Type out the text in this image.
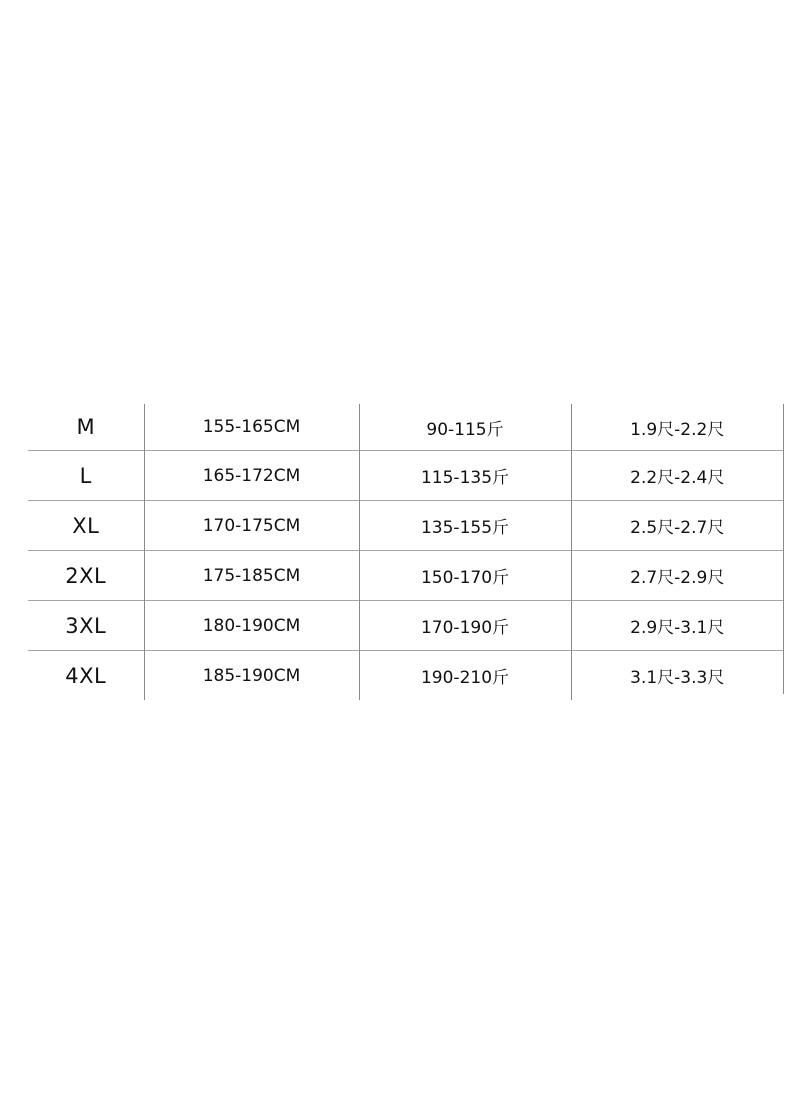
M	155-165CM	90-115斤	1.9尺-2.2尺
L	165-172CM	115-135斤	2.2尺-2.4尺
XL	170-175CM	135-155斤	2.5尺-2.7尺
2XL	175-185CM	150-170斤	2.7尺-2.9尺
3XL	180-190CM	170-190斤	2.9尺-3.1尺
4XL	185-190CM	190-210斤	3.1尺-3.3尺
